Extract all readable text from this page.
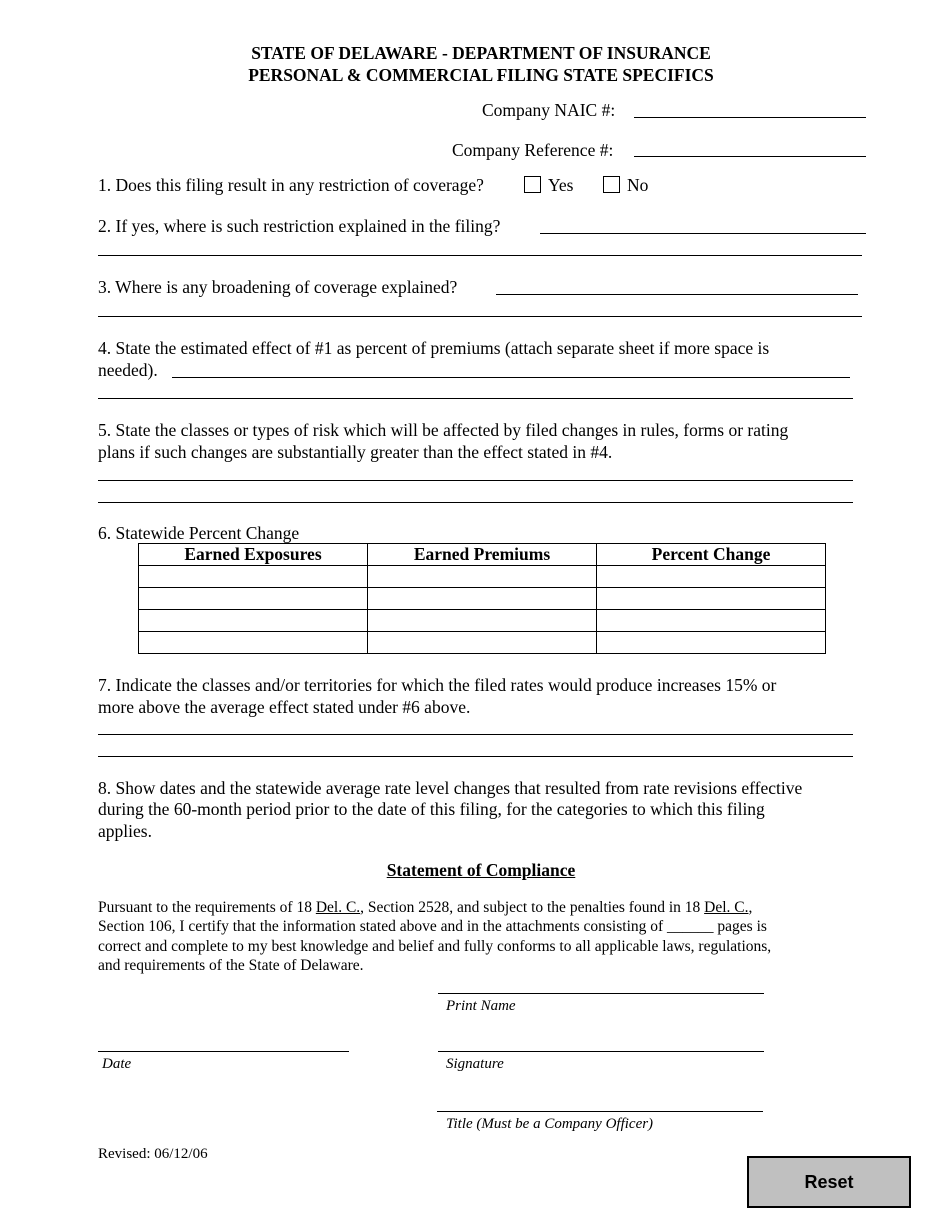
STATE OF DELAWARE - DEPARTMENT OF INSURANCE
PERSONAL & COMMERCIAL FILING STATE SPECIFICS
Company NAIC #:
Company Reference #:
1. Does this filing result in any restriction of coverage?	Yes	No
2. If yes, where is such restriction explained in the filing?
3. Where is any broadening of coverage explained?
4. State the estimated effect of #1 as percent of premiums (attach separate sheet if more space is
needed).
5. State the classes or types of risk which will be affected by filed changes in rules, forms or rating
plans if such changes are substantially greater than the effect stated in #4.
6. Statewide Percent Change
Earned Exposures	Earned Premiums	Percent Change

7. Indicate the classes and/or territories for which the filed rates would produce increases 15% or
more above the average effect stated under #6 above.
8. Show dates and the statewide average rate level changes that resulted from rate revisions effective
during the 60-month period prior to the date of this filing, for the categories to which this filing
applies.
Statement of Compliance
Pursuant to the requirements of 18 Del. C., Section 2528, and subject to the penalties found in 18 Del. C.,
Section 106, I certify that the information stated above and in the attachments consisting of ______ pages is
correct and complete to my best knowledge and belief and fully conforms to all applicable laws, regulations,
and requirements of the State of Delaware.
Print Name
Date	Signature
Title (Must be a Company Officer)
Revised: 06/12/06
Reset
